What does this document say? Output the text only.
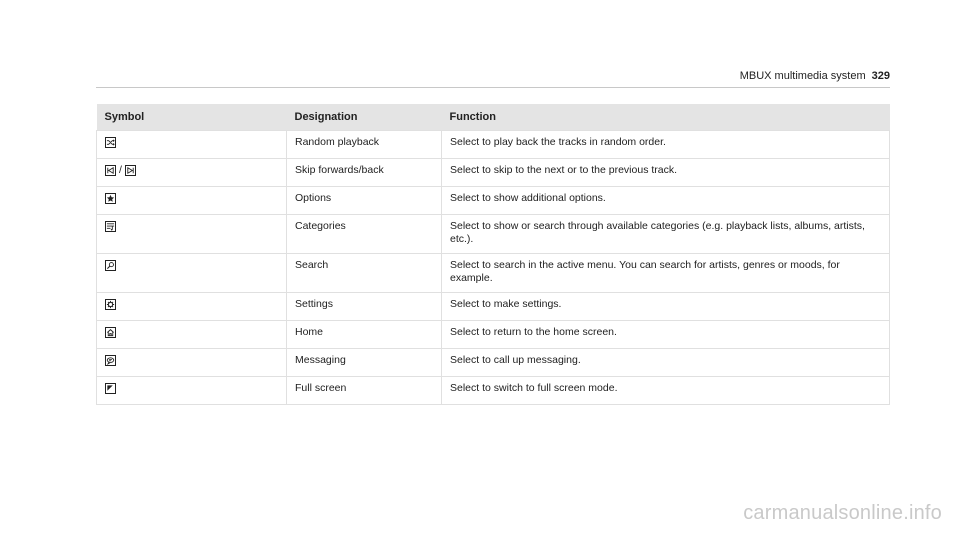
MBUX multimedia system 329
Symbol	Designation	Function

	Random playback	Select to play back the tracks in random order.

/	Skip forwards/back	Select to skip to the next or to the previous track.

	Options	Select to show additional options.

	Categories	Select to show or search through available categories (e.g. playback lists, albums, artists, etc.).

	Search	Select to search in the active menu. You can search for artists, genres or moods, for example.

	Settings	Select to make settings.

	Home	Select to return to the home screen.

	Messaging	Select to call up messaging.

	Full screen	Select to switch to full screen mode.
carmanualsonline.info
